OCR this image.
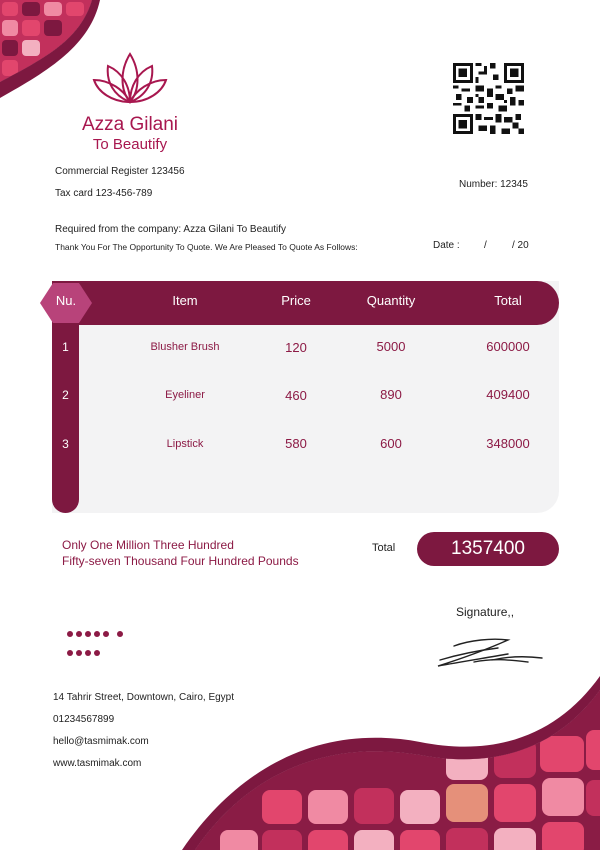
Azza Gilani
To Beautify
Commercial Register 123456
Tax card 123-456-789
Number: 12345
Required from the company: Azza Gilani To Beautify
Thank You For The Opportunity To Quote. We Are Pleased To Quote As Follows:	Date : /	/ 20
Nu.	Item	Price	Quantity	Total
1	Blusher Brush	120	5000	600000
2	Eyeliner	460	890	409400
3	Lipstick	580	600	348000
Only One Million Three Hundred
Fifty-seven Thousand Four Hundred Pounds
Total	1357400
Signature,,

14 Tahrir Street, Downtown, Cairo, Egypt
01234567899
hello@tasmimak.com
www.tasmimak.com
